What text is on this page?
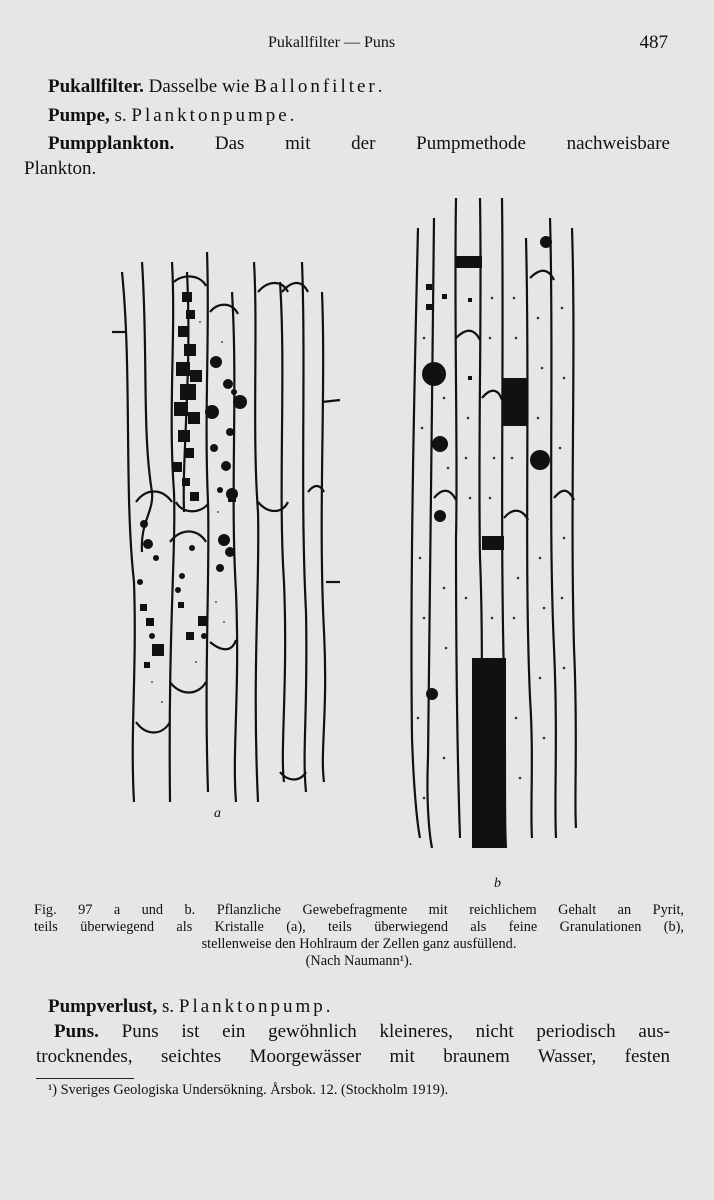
Pukallfilter — Puns	487
Pukallfilter. Dasselbe wie Ballonfilter.
Pumpe, s. Planktonpumpe.
Pumpplankton. Das mit der Pumpmethode nachweisbare
Plankton.
a
b
Fig. 97 a und b. Pflanzliche Gewebefragmente mit reichlichem Gehalt an Pyrit,
teils überwiegend als Kristalle (a), teils überwiegend als feine Granulationen (b),
stellenweise den Hohlraum der Zellen ganz ausfüllend.
(Nach Naumann¹).
Pumpverlust, s. Planktonpump.
Puns. Puns ist ein gewöhnlich kleineres, nicht periodisch aus-
trocknendes, seichtes Moorgewässer mit braunem Wasser, festen
¹) Sveriges Geologiska Undersökning. Årsbok. 12. (Stockholm 1919).
